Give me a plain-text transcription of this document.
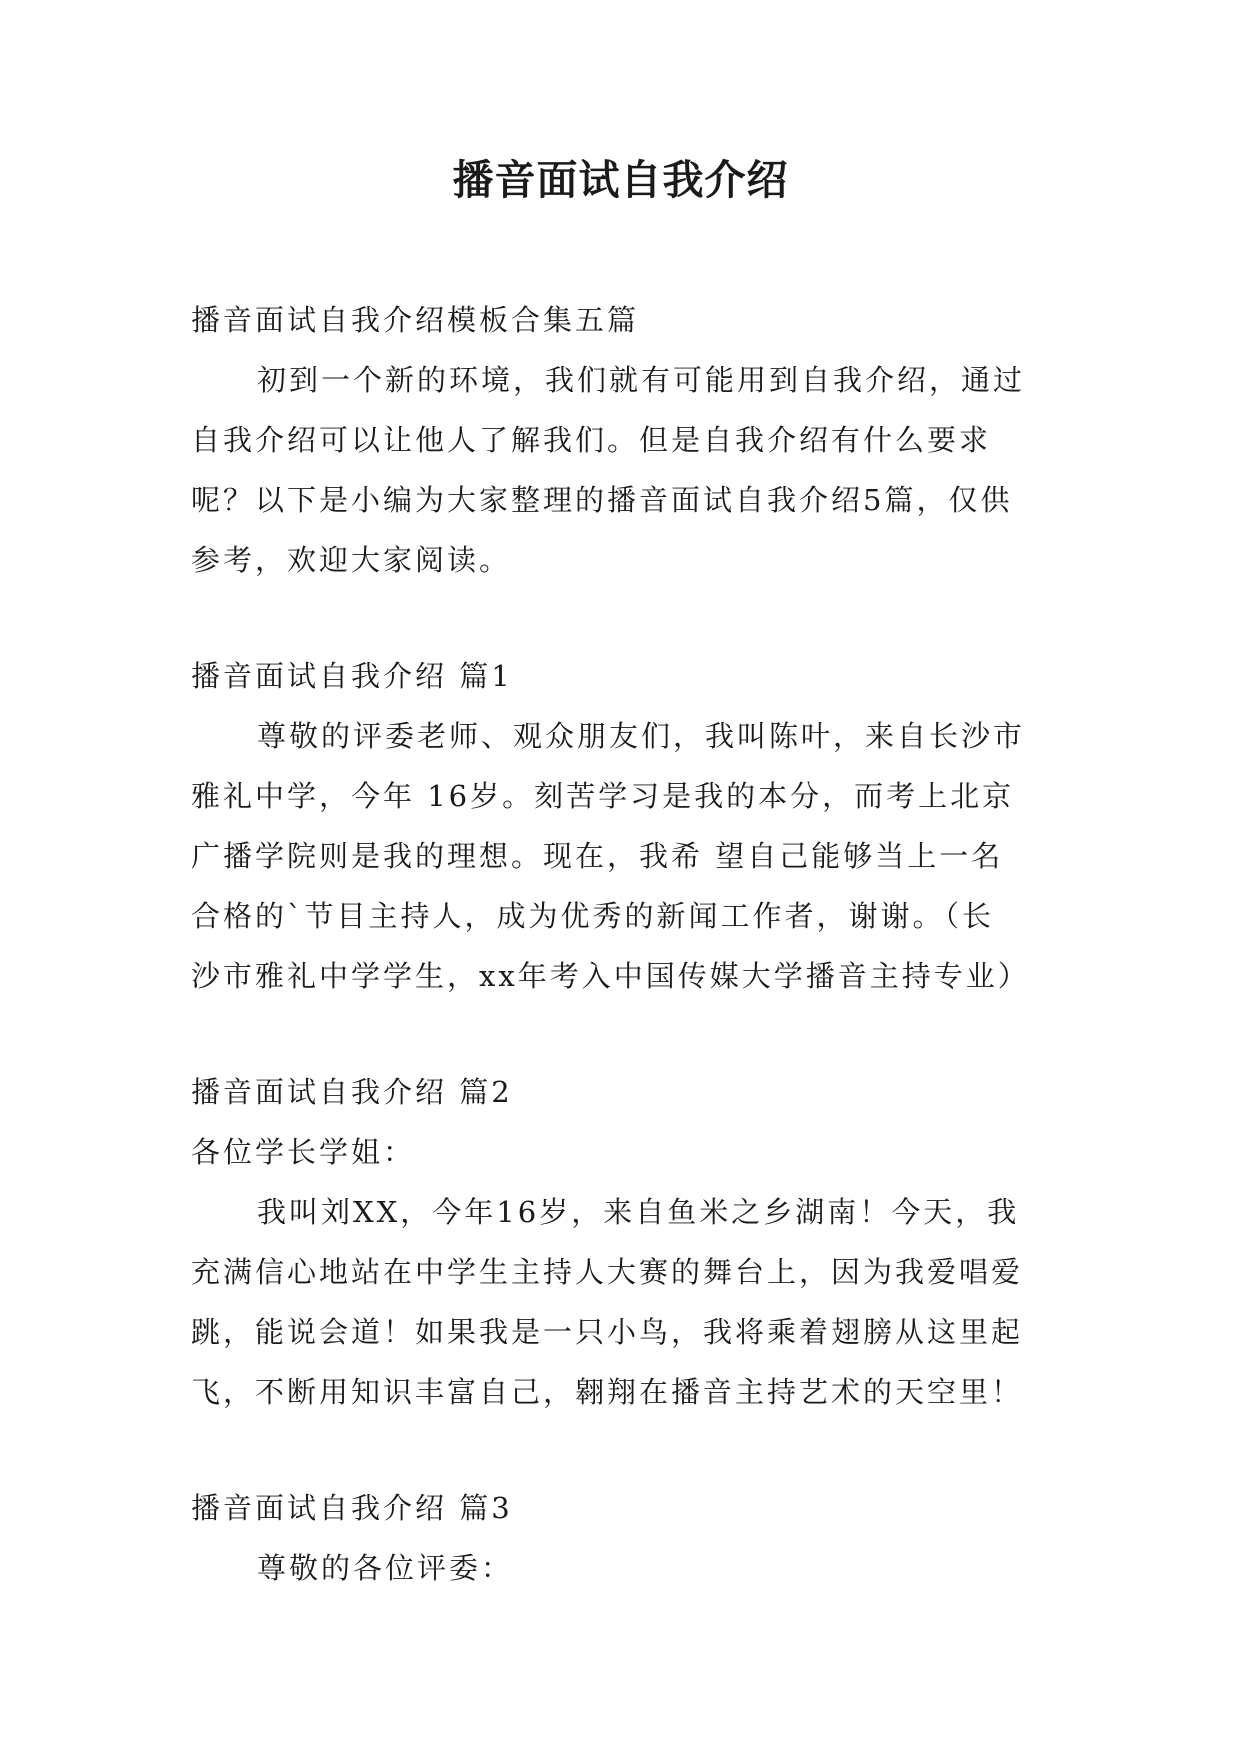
播音面试自我介绍
播音面试自我介绍模板合集五篇
初到一个新的环境，我们就有可能用到自我介绍，通过
自我介绍可以让他人了解我们。但是自我介绍有什么要求
呢？以下是小编为大家整理的播音面试自我介绍5篇，仅供
参考，欢迎大家阅读。
播音面试自我介绍 篇1
尊敬的评委老师、观众朋友们，我叫陈叶，来自长沙市
雅礼中学，今年 16岁。刻苦学习是我的本分，而考上北京
广播学院则是我的理想。现在，我希 望自己能够当上一名
合格的`节目主持人，成为优秀的新闻工作者，谢谢。（长
沙市雅礼中学学生，xx年考入中国传媒大学播音主持专业）
播音面试自我介绍 篇2
各位学长学姐：
我叫刘XX，今年16岁，来自鱼米之乡湖南！今天，我
充满信心地站在中学生主持人大赛的舞台上，因为我爱唱爱
跳，能说会道！如果我是一只小鸟，我将乘着翅膀从这里起
飞，不断用知识丰富自己，翱翔在播音主持艺术的天空里！
播音面试自我介绍 篇3
尊敬的各位评委：
